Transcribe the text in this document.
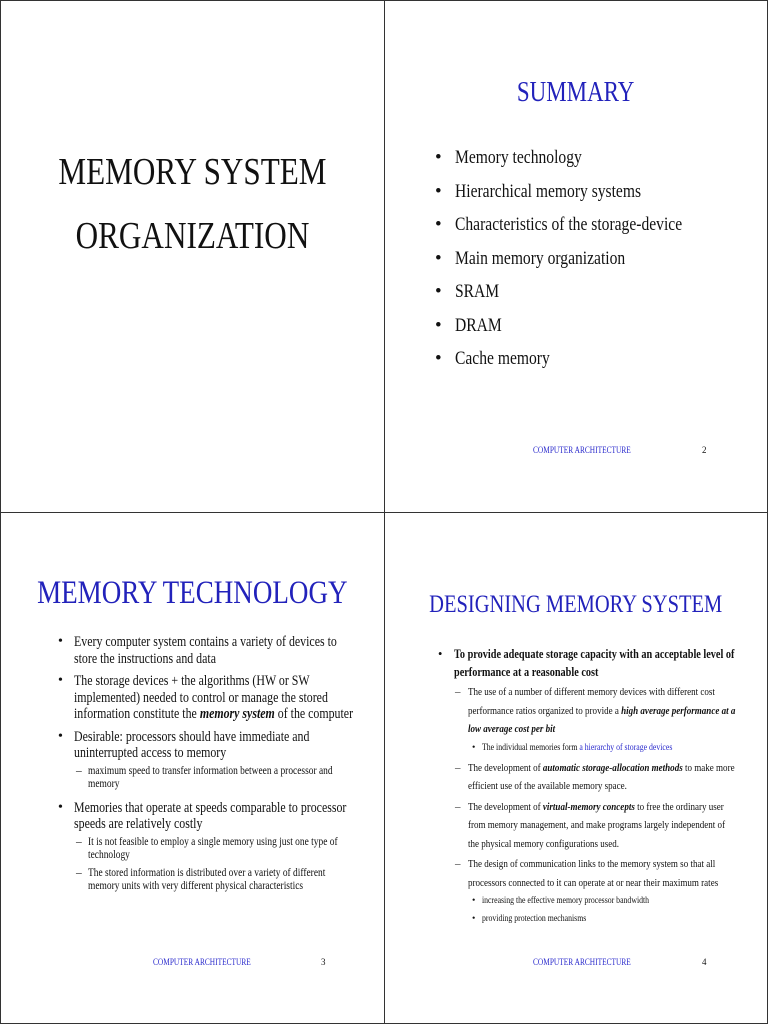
MEMORY SYSTEM
ORGANIZATION
SUMMARY
• Memory technology
• Hierarchical memory systems
• Characteristics of the storage-device
• Main memory organization
• SRAM
• DRAM
• Cache memory
COMPUTER ARCHITECTURE	2
MEMORY TECHNOLOGY
COMPUTER ARCHITECTURE	3
• Every computer system contains a variety of devices to
store the instructions and data
• The storage devices + the algorithms (HW or SW
implemented) needed to control or manage the stored
information constitute the memory system of the computer
• Desirable: processors should have immediate and
uninterrupted access to memory
– maximum speed to transfer information between a processor and
memory
• Memories that operate at speeds comparable to processor
speeds are relatively costly
– It is not feasible to employ a single memory using just one type of
technology
– The stored information is distributed over a variety of different
memory units with very different physical characteristics
DESIGNING MEMORY SYSTEM
COMPUTER ARCHITECTURE	4
• To provide adequate storage capacity with an acceptable level of
performance at a reasonable cost
– The use of a number of different memory devices with different cost
performance ratios organized to provide a high average performance at a
low average cost per bit
• The individual memories form a hierarchy of storage devices
– The development of automatic storage-allocation methods to make more
efficient use of the available memory space.
– The development of virtual-memory concepts to free the ordinary user
from memory management, and make programs largely independent of
the physical memory configurations used.
– The design of communication links to the memory system so that all
processors connected to it can operate at or near their maximum rates
• increasing the effective memory processor bandwidth
• providing protection mechanisms
